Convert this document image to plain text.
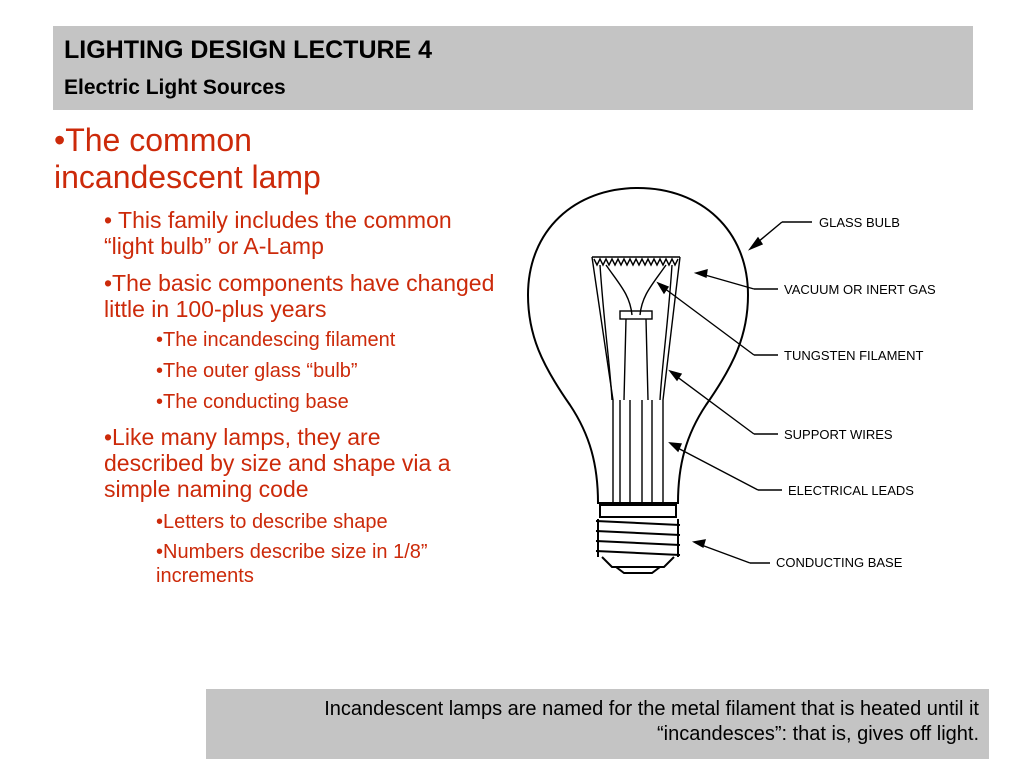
LIGHTING DESIGN LECTURE 4
Electric Light Sources
•The common incandescent lamp
• This family includes the common “light bulb” or A-Lamp
•The basic components have changed little in 100-plus years
•The incandescing filament
•The outer glass “bulb”
•The conducting base
•Like many lamps, they are described by size and shape via a simple naming code
•Letters to describe shape
•Numbers describe size in 1/8” increments
GLASS BULB
VACUUM OR INERT GAS
TUNGSTEN FILAMENT
SUPPORT WIRES
ELECTRICAL LEADS
CONDUCTING BASE
Incandescent lamps are named for the metal filament that is heated until it “incandesces”: that is, gives off light.
